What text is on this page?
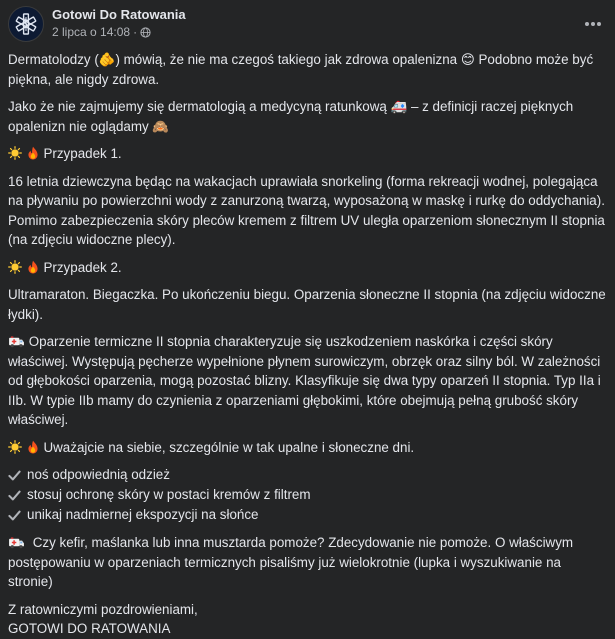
Gotowi Do Ratowania
2 lipca o 14:08 ·

Dermatolodzy (🫵) mówią, że nie ma czegoś takiego jak zdrowa opalenizna 😊 Podobno może być piękna, ale nigdy zdrowa.

Jako że nie zajmujemy się dermatologią a medycyną ratunkową 🚑 – z definicji raczej pięknych opalenizn nie oglądamy 🙈

Przypadek 1.

16 letnia dziewczyna będąc na wakacjach uprawiała snorkeling (forma rekreacji wodnej, polegająca na pływaniu po powierzchni wody z zanurzoną twarzą, wyposażoną w maskę i rurkę do oddychania). Pomimo zabezpieczenia skóry pleców kremem z filtrem UV uległa oparzeniom słonecznym II stopnia (na zdjęciu widoczne plecy).

Przypadek 2.

Ultramaraton. Biegaczka. Po ukończeniu biegu. Oparzenia słoneczne II stopnia (na zdjęciu widoczne łydki).

Oparzenie termiczne II stopnia charakteryzuje się uszkodzeniem naskórka i części skóry właściwej. Występują pęcherze wypełnione płynem surowiczym, obrzęk oraz silny ból. W zależności od głębokości oparzenia, mogą pozostać blizny. Klasyfikuje się dwa typy oparzeń II stopnia. Typ IIa i IIb. W typie IIb mamy do czynienia z oparzeniami głębokimi, które obejmują pełną grubość skóry właściwej.

Uważajcie na siebie, szczególnie w tak upalne i słoneczne dni.

noś odpowiednią odzież
stosuj ochronę skóry w postaci kremów z filtrem
unikaj nadmiernej ekspozycji na słońce

Czy kefir, maślanka lub inna musztarda pomoże? Zdecydowanie nie pomoże. O właściwym postępowaniu w oparzeniach termicznych pisaliśmy już wielokrotnie (lupka i wyszukiwanie na stronie)

Z ratowniczymi pozdrowieniami,
GOTOWI DO RATOWANIA
